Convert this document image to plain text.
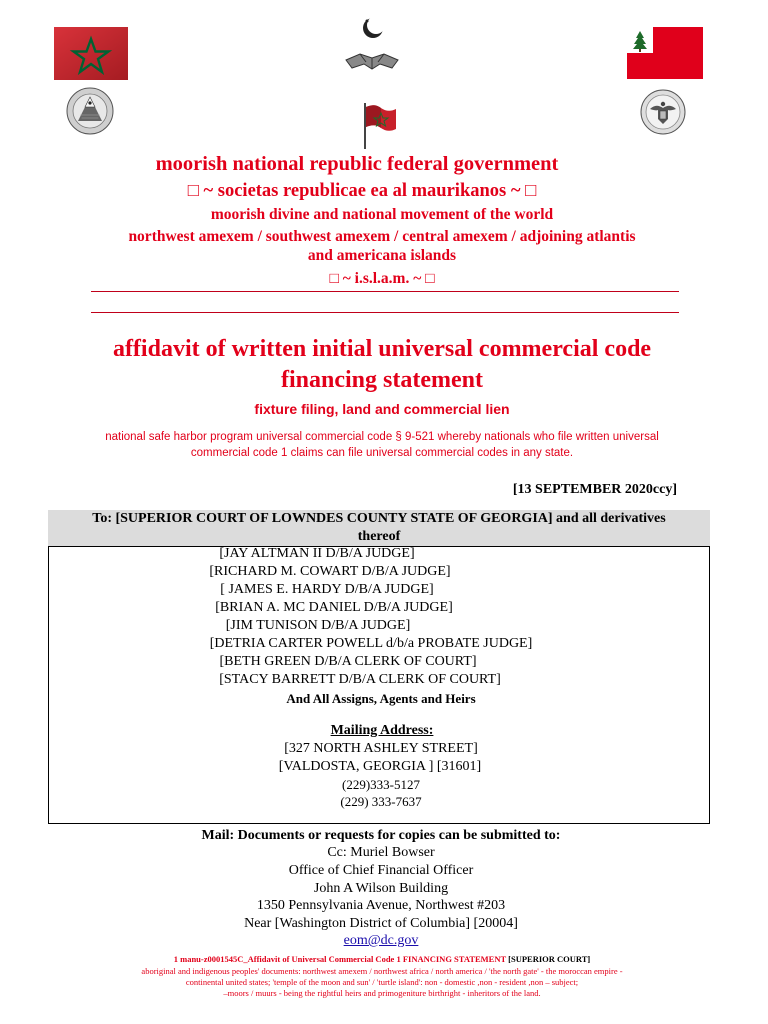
moorish national republic federal government
□ ~ societas republicae ea al maurikanos ~ □
moorish divine and national movement of the world
northwest amexem / southwest amexem / central amexem / adjoining atlantis
and americana islands
□ ~ i.s.l.a.m. ~ □
affidavit of written initial universal commercial code
financing statement
fixture filing, land and commercial lien
national safe harbor program universal commercial code § 9-521 whereby nationals who file written universal
commercial code 1 claims can file universal commercial codes in any state.
[13 SEPTEMBER 2020ccy]
To: [SUPERIOR COURT OF LOWNDES COUNTY STATE OF GEORGIA] and all derivatives
thereof
[JAY ALTMAN II D/B/A JUDGE]
[RICHARD M. COWART D/B/A JUDGE]
[ JAMES E. HARDY D/B/A JUDGE]
[BRIAN A. MC DANIEL D/B/A JUDGE]
[JIM TUNISON D/B/A JUDGE]
[DETRIA CARTER POWELL d/b/a PROBATE JUDGE]
[BETH GREEN D/B/A CLERK OF COURT]
[STACY BARRETT D/B/A CLERK OF COURT]
And All Assigns, Agents and Heirs
Mailing Address:
[327 NORTH ASHLEY STREET]
[VALDOSTA, GEORGIA ] [31601]
(229)333-5127
(229) 333-7637
Mail: Documents or requests for copies can be submitted to:
Cc: Muriel Bowser
Office of Chief Financial Officer
John A Wilson Building
1350 Pennsylvania Avenue, Northwest #203
Near [Washington District of Columbia] [20004]
eom@dc.gov
1 manu-z0001545C_Affidavit of Universal Commercial Code 1 FINANCING STATEMENT [SUPERIOR COURT]
aboriginal and indigenous peoples' documents: northwest amexem / northwest africa / north america / 'the north gate' - the moroccan empire -
continental united states; 'temple of the moon and sun' / 'turtle island': non - domestic ,non - resident ,non – subject;
–moors / muurs - being the rightful heirs and primogeniture birthright - inheritors of the land.
